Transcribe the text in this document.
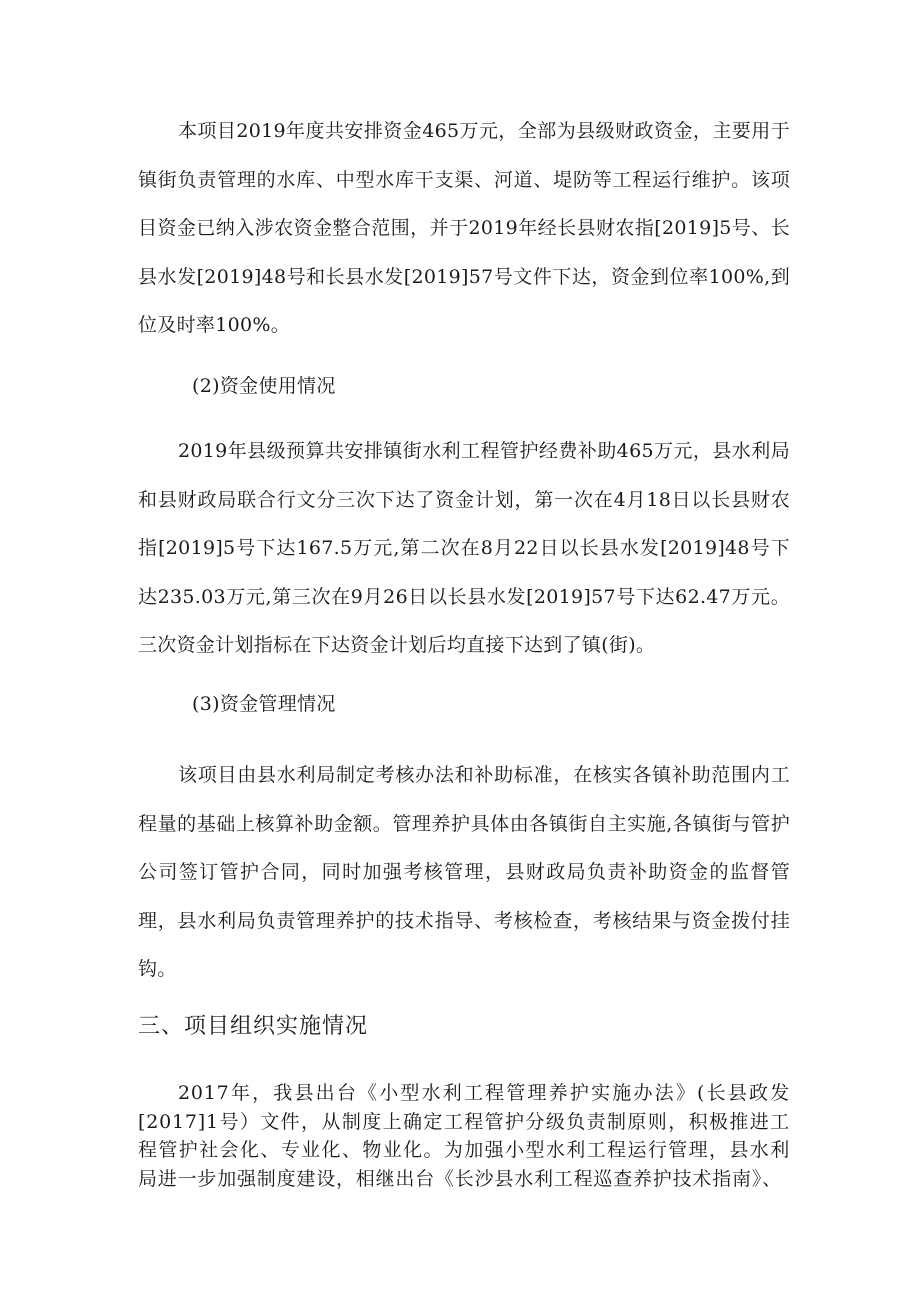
本项目2019年度共安排资金465万元，全部为县级财政资金，主要用于镇街负责管理的水库、中型水库干支渠、河道、堤防等工程运行维护。该项目资金已纳入涉农资金整合范围，并于2019年经长县财农指[2019]5号、长县水发[2019]48号和长县水发[2019]57号文件下达，资金到位率100%,到位及时率100%。

(2)资金使用情况

2019年县级预算共安排镇街水利工程管护经费补助465万元，县水利局和县财政局联合行文分三次下达了资金计划，第一次在4月18日以长县财农指[2019]5号下达167.5万元,第二次在8月22日以长县水发[2019]48号下达235.03万元,第三次在9月26日以长县水发[2019]57号下达62.47万元。三次资金计划指标在下达资金计划后均直接下达到了镇(街)。

(3)资金管理情况

该项目由县水利局制定考核办法和补助标准，在核实各镇补助范围内工程量的基础上核算补助金额。管理养护具体由各镇街自主实施,各镇街与管护公司签订管护合同，同时加强考核管理，县财政局负责补助资金的监督管理，县水利局负责管理养护的技术指导、考核检查，考核结果与资金拨付挂钩。

三、项目组织实施情况

2017年，我县出台《小型水利工程管理养护实施办法》(长县政发[2017]1号）文件，从制度上确定工程管护分级负责制原则，积极推进工程管护社会化、专业化、物业化。为加强小型水利工程运行管理，县水利局进一步加强制度建设，相继出台《长沙县水利工程巡查养护技术指南》、
